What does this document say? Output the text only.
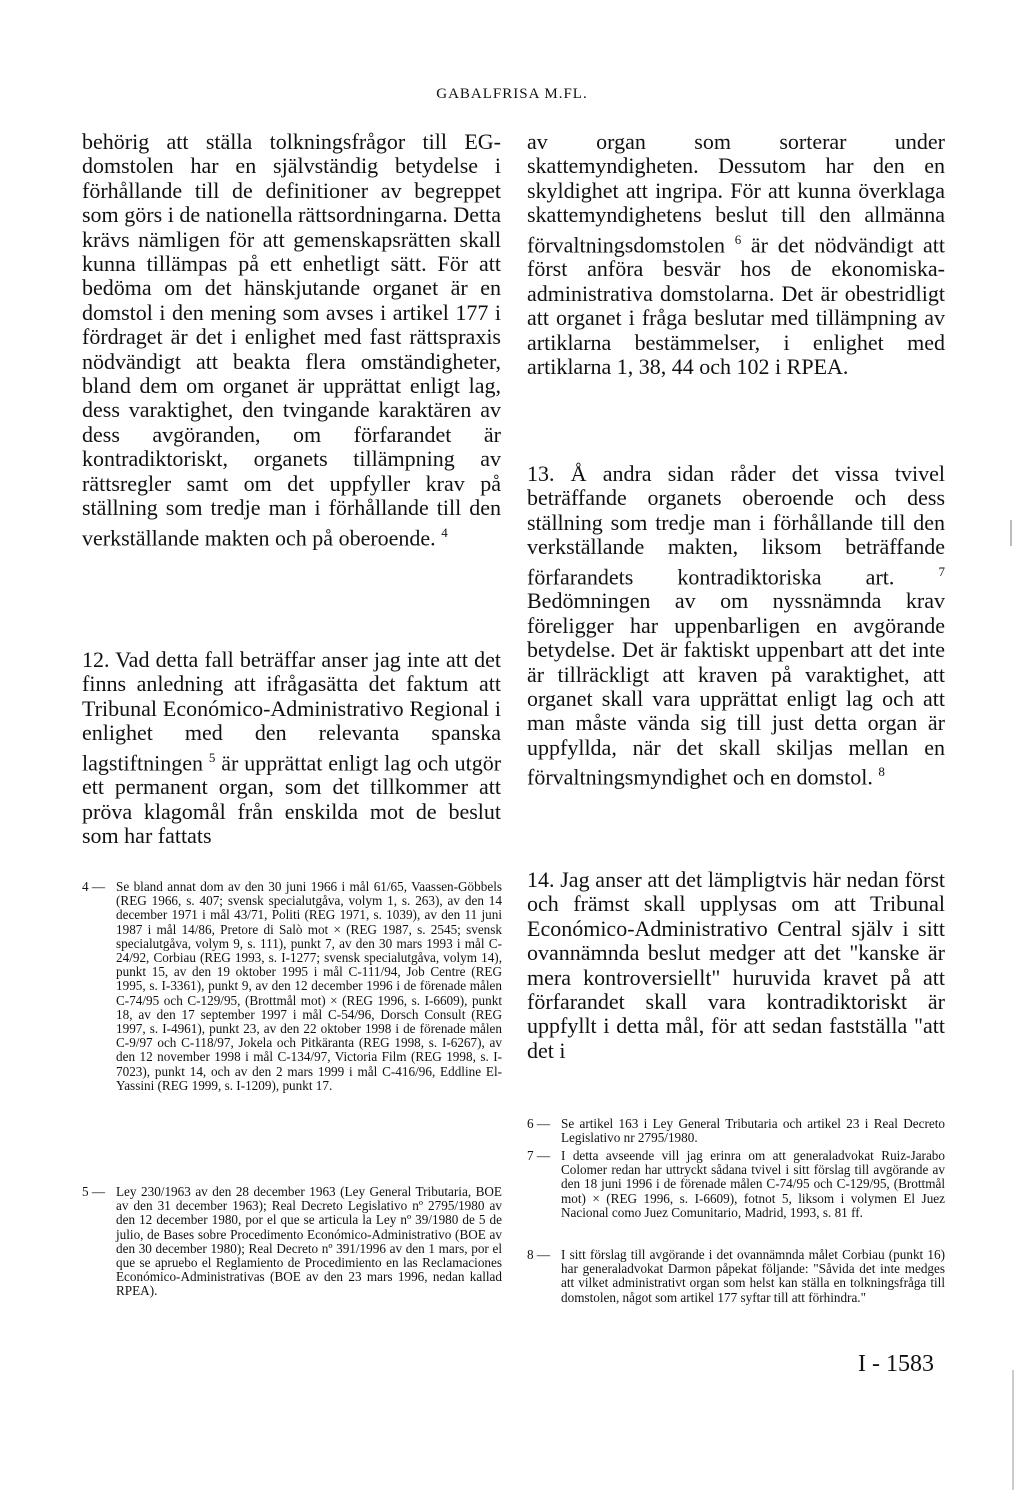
GABALFRISA M.FL.

behörig att ställa tolkningsfrågor till EG-domstolen har en självständig betydelse i förhållande till de definitioner av begreppet som görs i de nationella rättsordningarna. Detta krävs nämligen för att gemenskapsrätten skall kunna tillämpas på ett enhetligt sätt. För att bedöma om det hänskjutande organet är en domstol i den mening som avses i artikel 177 i fördraget är det i enlighet med fast rättspraxis nödvändigt att beakta flera omständigheter, bland dem om organet är upprättat enligt lag, dess varaktighet, den tvingande karaktären av dess avgöranden, om förfarandet är kontradiktoriskt, organets tillämpning av rättsregler samt om det uppfyller krav på ställning som tredje man i förhållande till den verkställande makten och på oberoende. $^4$

12. Vad detta fall beträffar anser jag inte att det finns anledning att ifrågasätta det faktum att Tribunal Económico-Administrativo Regional i enlighet med den relevanta spanska lagstiftningen $^5$ är upprättat enligt lag och utgör ett permanent organ, som det tillkommer att pröva klagomål från enskilda mot de beslut som har fattats

av organ som sorterar under skattemyndigheten. Dessutom har den en skyldighet att ingripa. För att kunna överklaga skattemyndighetens beslut till den allmänna förvaltningsdomstolen $^6$ är det nödvändigt att först anföra besvär hos de ekonomiska-administrativa domstolarna. Det är obestridligt att organet i fråga beslutar med tillämpning av artiklarna bestämmelser, i enlighet med artiklarna 1, 38, 44 och 102 i RPEA.

13. Å andra sidan råder det vissa tvivel beträffande organets oberoende och dess ställning som tredje man i förhållande till den verkställande makten, liksom beträffande förfarandets kontradiktoriska art.	$^7$ Bedömningen av om nyssnämnda krav föreligger har uppenbarligen en avgörande betydelse. Det är faktiskt uppenbart att det inte är tillräckligt att kraven på varaktighet, att organet skall vara upprättat enligt lag och att man måste vända sig till just detta organ är uppfyllda, när det skall skiljas mellan en förvaltningsmyndighet och en domstol. $^8$

14. Jag anser att det lämpligtvis här nedan först och främst skall upplysas om att Tribunal Económico-Administrativo Central själv i sitt ovannämnda beslut medger att det "kanske är mera kontroversiellt" huruvida kravet på att förfarandet skall vara kontradiktoriskt är uppfyllt i detta mål, för att sedan fastställa "att det i

4 — Se bland annat dom av den 30 juni 1966 i mål 61/65, Vaassen-Göbbels (REG 1966, s. 407; svensk specialutgåva, volym 1, s. 263), av den 14 december 1971 i mål 43/71, Politi (REG 1971, s. 1039), av den 11 juni 1987 i mål 14/86, Pretore di Salò mot × (REG 1987, s. 2545; svensk specialutgåva, volym 9, s. 111), punkt 7, av den 30 mars 1993 i mål C-24/92, Corbiau (REG 1993, s. I-1277; svensk specialutgåva, volym 14), punkt 15, av den 19 oktober 1995 i mål C-111/94, Job Centre (REG 1995, s. I-3361), punkt 9, av den 12 december 1996 i de förenade målen C-74/95 och C-129/95, (Brottmål mot) × (REG 1996, s. I-6609), punkt 18, av den 17 september 1997 i mål C-54/96, Dorsch Consult (REG 1997, s. I-4961), punkt 23, av den 22 oktober 1998 i de förenade målen C-9/97 och C-118/97, Jokela och Pitkäranta (REG 1998, s. I-6267), av den 12 november 1998 i mål C-134/97, Victoria Film (REG 1998, s. I-7023), punkt 14, och av den 2 mars 1999 i mål C-416/96, Eddline El-Yassini (REG 1999, s. I-1209), punkt 17.
5 — Ley 230/1963 av den 28 december 1963 (Ley General Tributaria, BOE av den 31 december 1963); Real Decreto Legislativo nº 2795/1980 av den 12 december 1980, por el que se articula la Ley nº 39/1980 de 5 de julio, de Bases sobre Procedimento Económico-Administrativo (BOE av den 30 december 1980); Real Decreto nº 391/1996 av den 1 mars, por el que se apruebo el Reglamiento de Procedimiento en las Reclamaciones Económico-Administrativas (BOE av den 23 mars 1996, nedan kallad RPEA).
6 — Se artikel 163 i Ley General Tributaria och artikel 23 i Real Decreto Legislativo nr 2795/1980.
7 — I detta avseende vill jag erinra om att generaladvokat Ruiz-Jarabo Colomer redan har uttryckt sådana tvivel i sitt förslag till avgörande av den 18 juni 1996 i de förenade målen C-74/95 och C-129/95, (Brottmål mot) × (REG 1996, s. I-6609), fotnot 5, liksom i volymen El Juez Nacional como Juez Comunitario, Madrid, 1993, s. 81 ff.
8 — I sitt förslag till avgörande i det ovannämnda målet Corbiau (punkt 16) har generaladvokat Darmon påpekat följande: "Såvida det inte medges att vilket administrativt organ som helst kan ställa en tolkningsfråga till domstolen, något som artikel 177 syftar till att förhindra."
I - 1583
